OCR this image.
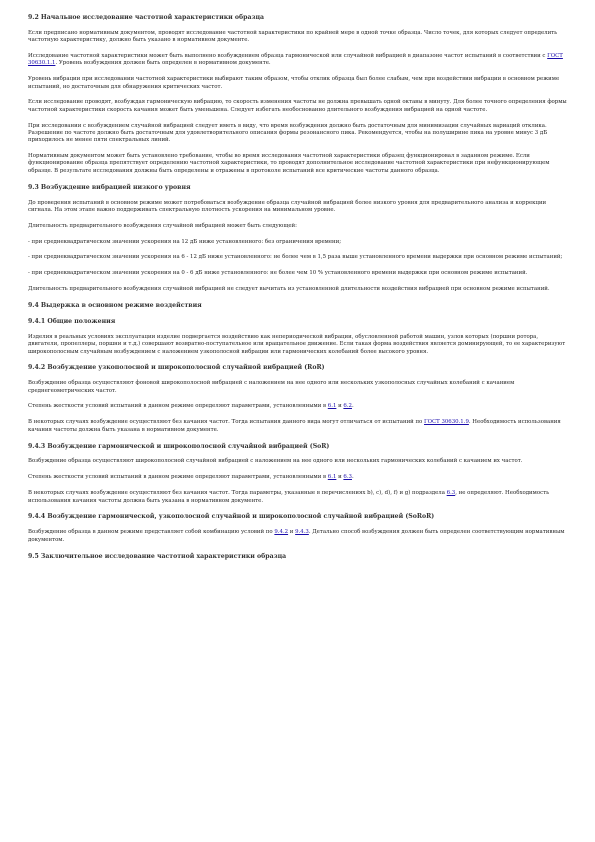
9.2 Начальное исследование частотной характеристики образца

Если предписано нормативным документом, проводят исследование частотной характеристики по крайней мере в одной точке образца. Число точек, для которых следует определить частотную характеристику, должно быть указано в нормативном документе.

Исследование частотной характеристики может быть выполнено возбуждением образца гармонической или случайной вибрацией в диапазоне частот испытаний в соответствии с ГОСТ 30630.1.1. Уровень возбуждения должен быть определен в нормативном документе.

Уровень вибрации при исследовании частотной характеристики выбирают таким образом, чтобы отклик образца был более слабым, чем при воздействии вибрации в основном режиме испытаний, но достаточным для обнаружения критических частот.

Если исследование проводят, возбуждая гармоническую вибрацию, то скорость изменения частоты не должна превышать одной октавы в минуту. Для более точного определения формы частотной характеристики скорость качания может быть уменьшена. Следует избегать необоснованно длительного возбуждения вибрацией на одной частоте.

При исследовании с возбуждением случайной вибрацией следует иметь в виду, что время возбуждения должно быть достаточным для минимизации случайных вариаций отклика. Разрешение по частоте должно быть достаточным для удовлетворительного описания формы резонансного пика. Рекомендуется, чтобы на полуширине пика на уровне минус 3 дБ приходилось не менее пяти спектральных линий.

Нормативным документом может быть установлено требование, чтобы во время исследования частотной характеристики образец функционировал в заданном режиме. Если функционирование образца препятствует определению частотной характеристики, то проводят дополнительное исследование частотной характеристики при нефункционирующем образце. В результате исследования должны быть определены и отражены в протоколе испытаний все критические частоты данного образца.

9.3 Возбуждение вибрацией низкого уровня

До проведения испытаний в основном режиме может потребоваться возбуждение образца случайной вибрацией более низкого уровня для предварительного анализа и коррекции сигнала. На этом этапе важно поддерживать спектральную плотность ускорения на минимальном уровне.

Длительность предварительного возбуждения случайной вибрацией может быть следующей:

- при среднеквадратическом значении ускорения на 12 дБ ниже установленного: без ограничения времени;

- при среднеквадратическом значении ускорения на 6 - 12 дБ ниже установленного: не более чем в 1,5 раза выше установленного времени выдержки при основном режиме испытаний;

- при среднеквадратическом значении ускорения на 0 - 6 дБ ниже установленного: не более чем 10 % установленного времени выдержки при основном режиме испытаний.

Длительность предварительного возбуждения случайной вибрацией не следует вычитать из установленной длительности воздействия вибрацией при основном режиме испытаний.

9.4 Выдержка в основном режиме воздействия

9.4.1 Общие положения

Изделия в реальных условиях эксплуатации изделие подвергается воздействию как непериодической вибрации, обусловленной работой машин, узлов которых (поршни ротора, двигатели, пропеллеры, поршни и т.д.) совершают возвратно-поступательное или вращательное движение. Если такая форма воздействия является доминирующей, то ее характеризуют широкополосным случайным возбуждением с наложением узкополосной вибрации или гармонических колебаний более высокого уровня.

9.4.2 Возбуждение узкополосной и широкополосной случайной вибрацией (RoR)

Возбуждение образца осуществляют фоновой широкополосной вибрацией с наложением на нее одного или нескольких узкополосных случайных колебаний с качанием среднегеометрических частот.

Степень жесткости условий испытаний в данном режиме определяют параметрами, установленными в 6.1 и 6.2.

В некоторых случаях возбуждение осуществляют без качания частот. Тогда испытания данного вида могут отличаться от испытаний по ГОСТ 30630.1.9. Необходимость использования качания частоты должна быть указана в нормативном документе.

9.4.3 Возбуждение гармонической и широкополосной случайной вибрацией (SoR)

Возбуждение образца осуществляют широкополосной случайной вибрацией с наложением на нее одного или нескольких гармонических колебаний с качанием их частот.

Степень жесткости условий испытаний в данном режиме определяют параметрами, установленными в 6.1 и 6.3.

В некоторых случаях возбуждение осуществляют без качания частот. Тогда параметры, указанные в перечислениях b), c), d), f) и g) подраздела 6.3, не определяют. Необходимость использования качания частоты должна быть указана в нормативном документе.

9.4.4 Возбуждение гармонической, узкополосной случайной и широкополосной случайной вибрацией (SoRoR)

Возбуждение образца в данном режиме представляет собой комбинацию условий по 9.4.2 и 9.4.3. Детально способ возбуждения должен быть определен соответствующим нормативным документом.

9.5 Заключительное исследование частотной характеристики образца
